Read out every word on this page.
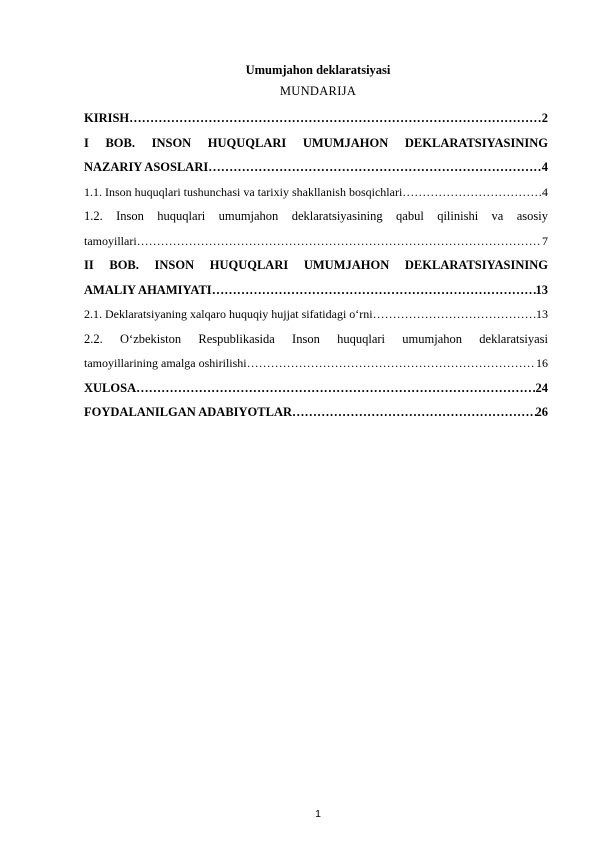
Umumjahon deklaratsiyasi

MUNDARIJA

KIRISH ……………………………………………………………………………………………………………………………………………………………………	2
I BOB. INSON HUQUQLARI UMUMJAHON DEKLARATSIYASINING
NAZARIY ASOSLARI ……………………………………………………………………………………………………………………………………………………………………	4
1.1. Inson huquqlari tushunchasi va tarixiy shakllanish bosqichlari ……………………………………………………………………………………………………………………………………………………………………	4
1.2. Inson huquqlari umumjahon deklaratsiyasining qabul qilinishi va asosiy
tamoyillari ……………………………………………………………………………………………………………………………………………………………………	7
II BOB. INSON HUQUQLARI UMUMJAHON DEKLARATSIYASINING
AMALIY AHAMIYATI ……………………………………………………………………………………………………………………………………………………………………	13
2.1. Deklaratsiyaning xalqaro huquqiy hujjat sifatidagi o‘rni ……………………………………………………………………………………………………………………………………………………………………	13
2.2. O‘zbekiston Respublikasida Inson huquqlari umumjahon deklaratsiyasi
tamoyillarining amalga oshirilishi ……………………………………………………………………………………………………………………………………………………………………	16
XULOSA ……………………………………………………………………………………………………………………………………………………………………	24
FOYDALANILGAN ADABIYOTLAR ……………………………………………………………………………………………………………………………………………………………………	26
1
